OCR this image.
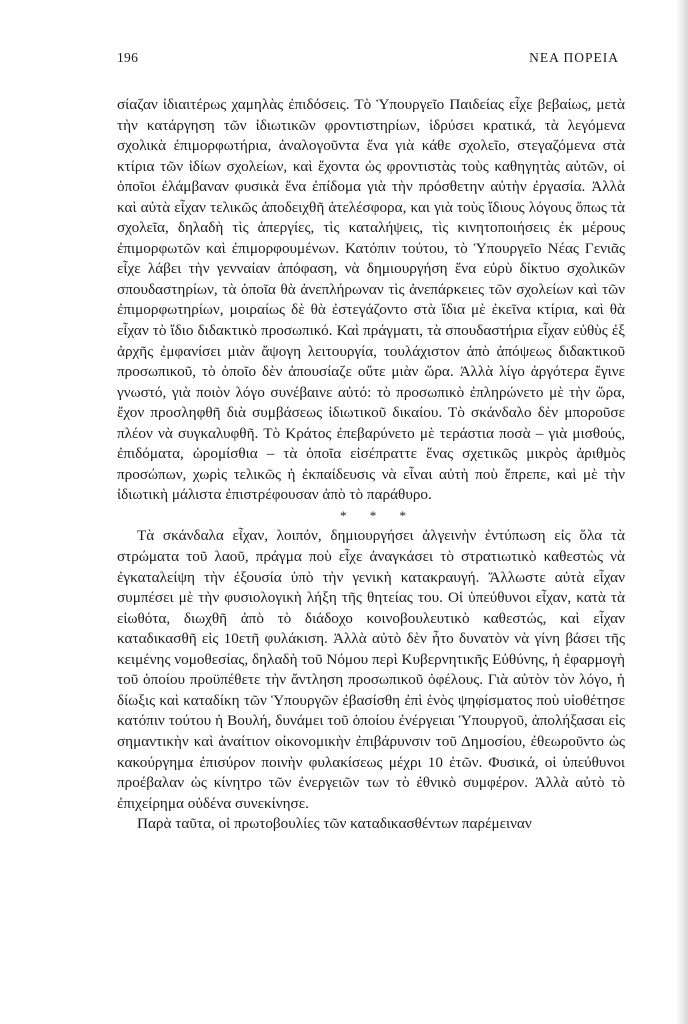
196	ΝΕΑ ΠΟΡΕΙΑ

σίαζαν ἰδιαιτέρως χαμηλὰς ἐπιδόσεις. Τὸ Ὑπουργεῖο Παιδείας εἶχε βεβαίως, μετὰ τὴν κατάργηση τῶν ἰδιωτικῶν φροντιστηρίων, ἱδρύσει κρατικά, τὰ λεγόμενα σχολικὰ ἐπιμορφωτήρια, ἀναλογοῦντα ἕνα γιὰ κάθε σχολεῖο, στεγαζόμενα στὰ κτίρια τῶν ἰδίων σχολείων, καὶ ἔχοντα ὡς φροντιστὰς τοὺς καθηγητὰς αὐτῶν, οἱ ὁποῖοι ἐλάμβαναν φυσικὰ ἕνα ἐπίδομα γιὰ τὴν πρόσθετην αὐτὴν ἐργασία. Ἀλλὰ καὶ αὐτὰ εἶχαν τελικῶς ἀποδειχθῆ ἀτελέσφορα, και γιὰ τοὺς ἴδιους λόγους ὅπως τὰ σχολεῖα, δηλαδὴ τὶς ἀπεργίες, τὶς καταλήψεις, τὶς κινητοποιήσεις ἐκ μέρους ἐπιμορφωτῶν καὶ ἐπιμορφουμένων. Κατόπιν τούτου, τὸ Ὑπουργεῖο Νέας Γενιᾶς εἶχε λάβει τὴν γενναίαν ἀπόφαση, νὰ δημιουργήση ἕνα εὐρὺ δίκτυο σχολικῶν σπουδαστηρίων, τὰ ὁποῖα θὰ ἀνεπλήρωναν τὶς ἀνεπάρκειες τῶν σχολείων καὶ τῶν ἐπιμορφωτηρίων, μοιραίως δὲ θὰ ἐστεγάζοντο στὰ ἴδια μὲ ἐκεῖνα κτίρια, καὶ θὰ εἶχαν τὸ ἴδιο διδακτικὸ προσωπικό. Καὶ πράγματι, τὰ σπουδαστήρια εἶχαν εὐθὺς ἐξ ἀρχῆς ἐμφανίσει μιὰν ἄψογη λειτουργία, τουλάχιστον ἀπὸ ἀπόψεως διδακτικοῦ προσωπικοῦ, τὸ ὁποῖο δὲν ἀπουσίαζε οὔτε μιὰν ὥρα. Ἀλλὰ λίγο ἀργότερα ἔγινε γνωστό, γιὰ ποιὸν λόγο συνέβαινε αὐτό: τὸ προσωπικὸ ἐπληρώνετο μὲ τὴν ὥρα, ἔχον προσληφθῆ διὰ συμβάσεως ἰδιωτικοῦ δικαίου. Τὸ σκάνδαλο δὲν μποροῦσε πλέον νὰ συγκαλυφθῆ. Τὸ Κράτος ἐπεβαρύνετο μὲ τεράστια ποσὰ – γιὰ μισθούς, ἐπιδόματα, ὡρομίσθια – τὰ ὁποῖα εἰσέπραττε ἕνας σχετικῶς μικρὸς ἀριθμὸς προσώπων, χωρὶς τελικῶς ἡ ἐκπαίδευσις νὰ εἶναι αὐτὴ ποὺ ἔπρεπε, καὶ μὲ τὴν ἰδιωτικὴ μάλιστα ἐπιστρέφουσαν ἀπὸ τὸ παράθυρο.

* * *

Τὰ σκάνδαλα εἶχαν, λοιπόν, δημιουργήσει ἀλγεινὴν ἐντύπωση εἰς ὅλα τὰ στρώματα τοῦ λαοῦ, πράγμα ποὺ εἶχε ἀναγκάσει τὸ στρατιωτικὸ καθεστὼς νὰ ἐγκαταλείψη τὴν ἐξουσία ὑπὸ τὴν γενικὴ κατακραυγή. Ἄλλωστε αὐτὰ εἶχαν συμπέσει μὲ τὴν φυσιολογικὴ λήξη τῆς θητείας του. Οἱ ὑπεύθυνοι εἶχαν, κατὰ τὰ εἰωθότα, διωχθῆ ἀπὸ τὸ διάδοχο κοινοβουλευτικὸ καθεστώς, καὶ εἶχαν καταδικασθῆ εἰς 10ετῆ φυλάκιση. Ἀλλὰ αὐτὸ δὲν ἦτο δυνατὸν νὰ γίνη βάσει τῆς κειμένης νομοθεσίας, δηλαδὴ τοῦ Νόμου περὶ Κυβερνητικῆς Εὐθύνης, ἡ ἐφαρμογὴ τοῦ ὁποίου προϋπέθετε τὴν ἄντληση προσωπικοῦ ὀφέλους. Γιὰ αὐτὸν τὸν λόγο, ἡ δίωξις καὶ καταδίκη τῶν Ὑπουργῶν ἐβασίσθη ἐπὶ ἑνὸς ψηφίσματος ποὺ υἱοθέτησε κατόπιν τούτου ἡ Βουλή, δυνάμει τοῦ ὁποίου ἐνέργειαι Ὑπουργοῦ, ἀπολήξασαι εἰς σημαντικὴν καὶ ἀναίτιον οἰκονομικὴν ἐπιβάρυνσιν τοῦ Δημοσίου, ἐθεωροῦντο ὡς κακούργημα ἐπισύρον ποινὴν φυλακίσεως μέχρι 10 ἐτῶν. Φυσικά, οἱ ὑπεύθυνοι προέβαλαν ὡς κίνητρο τῶν ἐνεργειῶν των τὸ ἐθνικὸ συμφέρον. Ἀλλὰ αὐτὸ τὸ ἐπιχείρημα οὐδένα συνεκίνησε.

Παρὰ ταῦτα, οἱ πρωτοβουλίες τῶν καταδικασθέντων παρέμειναν
